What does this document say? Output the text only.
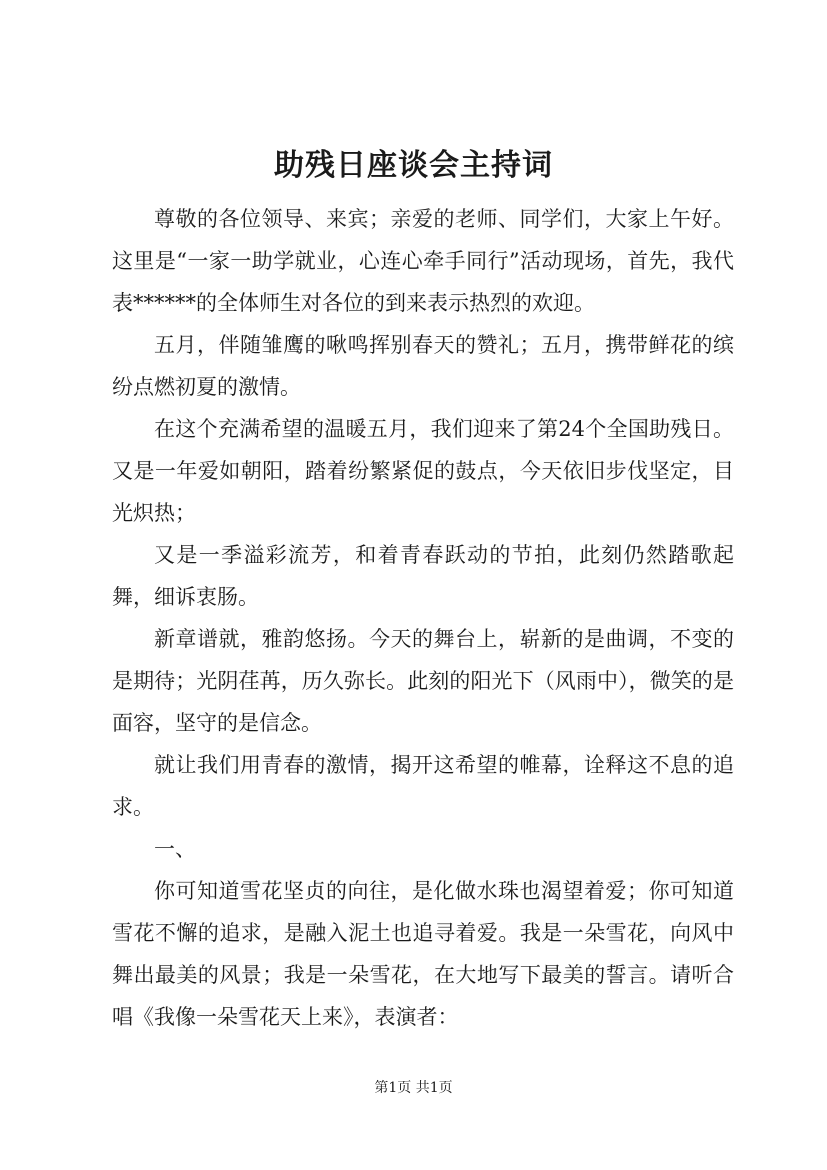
助残日座谈会主持词

尊敬的各位领导、来宾；亲爱的老师、同学们，大家上午好。这里是“一家一助学就业，心连心牵手同行”活动现场，首先，我代表******的全体师生对各位的到来表示热烈的欢迎。

五月，伴随雏鹰的啾鸣挥别春天的赞礼；五月，携带鲜花的缤纷点燃初夏的激情。

在这个充满希望的温暖五月，我们迎来了第24个全国助残日。又是一年爱如朝阳，踏着纷繁紧促的鼓点，今天依旧步伐坚定，目光炽热；

又是一季溢彩流芳，和着青春跃动的节拍，此刻仍然踏歌起舞，细诉衷肠。

新章谱就，雅韵悠扬。今天的舞台上，崭新的是曲调，不变的是期待；光阴荏苒，历久弥长。此刻的阳光下（风雨中），微笑的是面容，坚守的是信念。

就让我们用青春的激情，揭开这希望的帷幕，诠释这不息的追求。

一、

你可知道雪花坚贞的向往，是化做水珠也渴望着爱；你可知道雪花不懈的追求，是融入泥土也追寻着爱。我是一朵雪花，向风中舞出最美的风景；我是一朵雪花，在大地写下最美的誓言。请听合唱《我像一朵雪花天上来》，表演者：

第1页 共1页
